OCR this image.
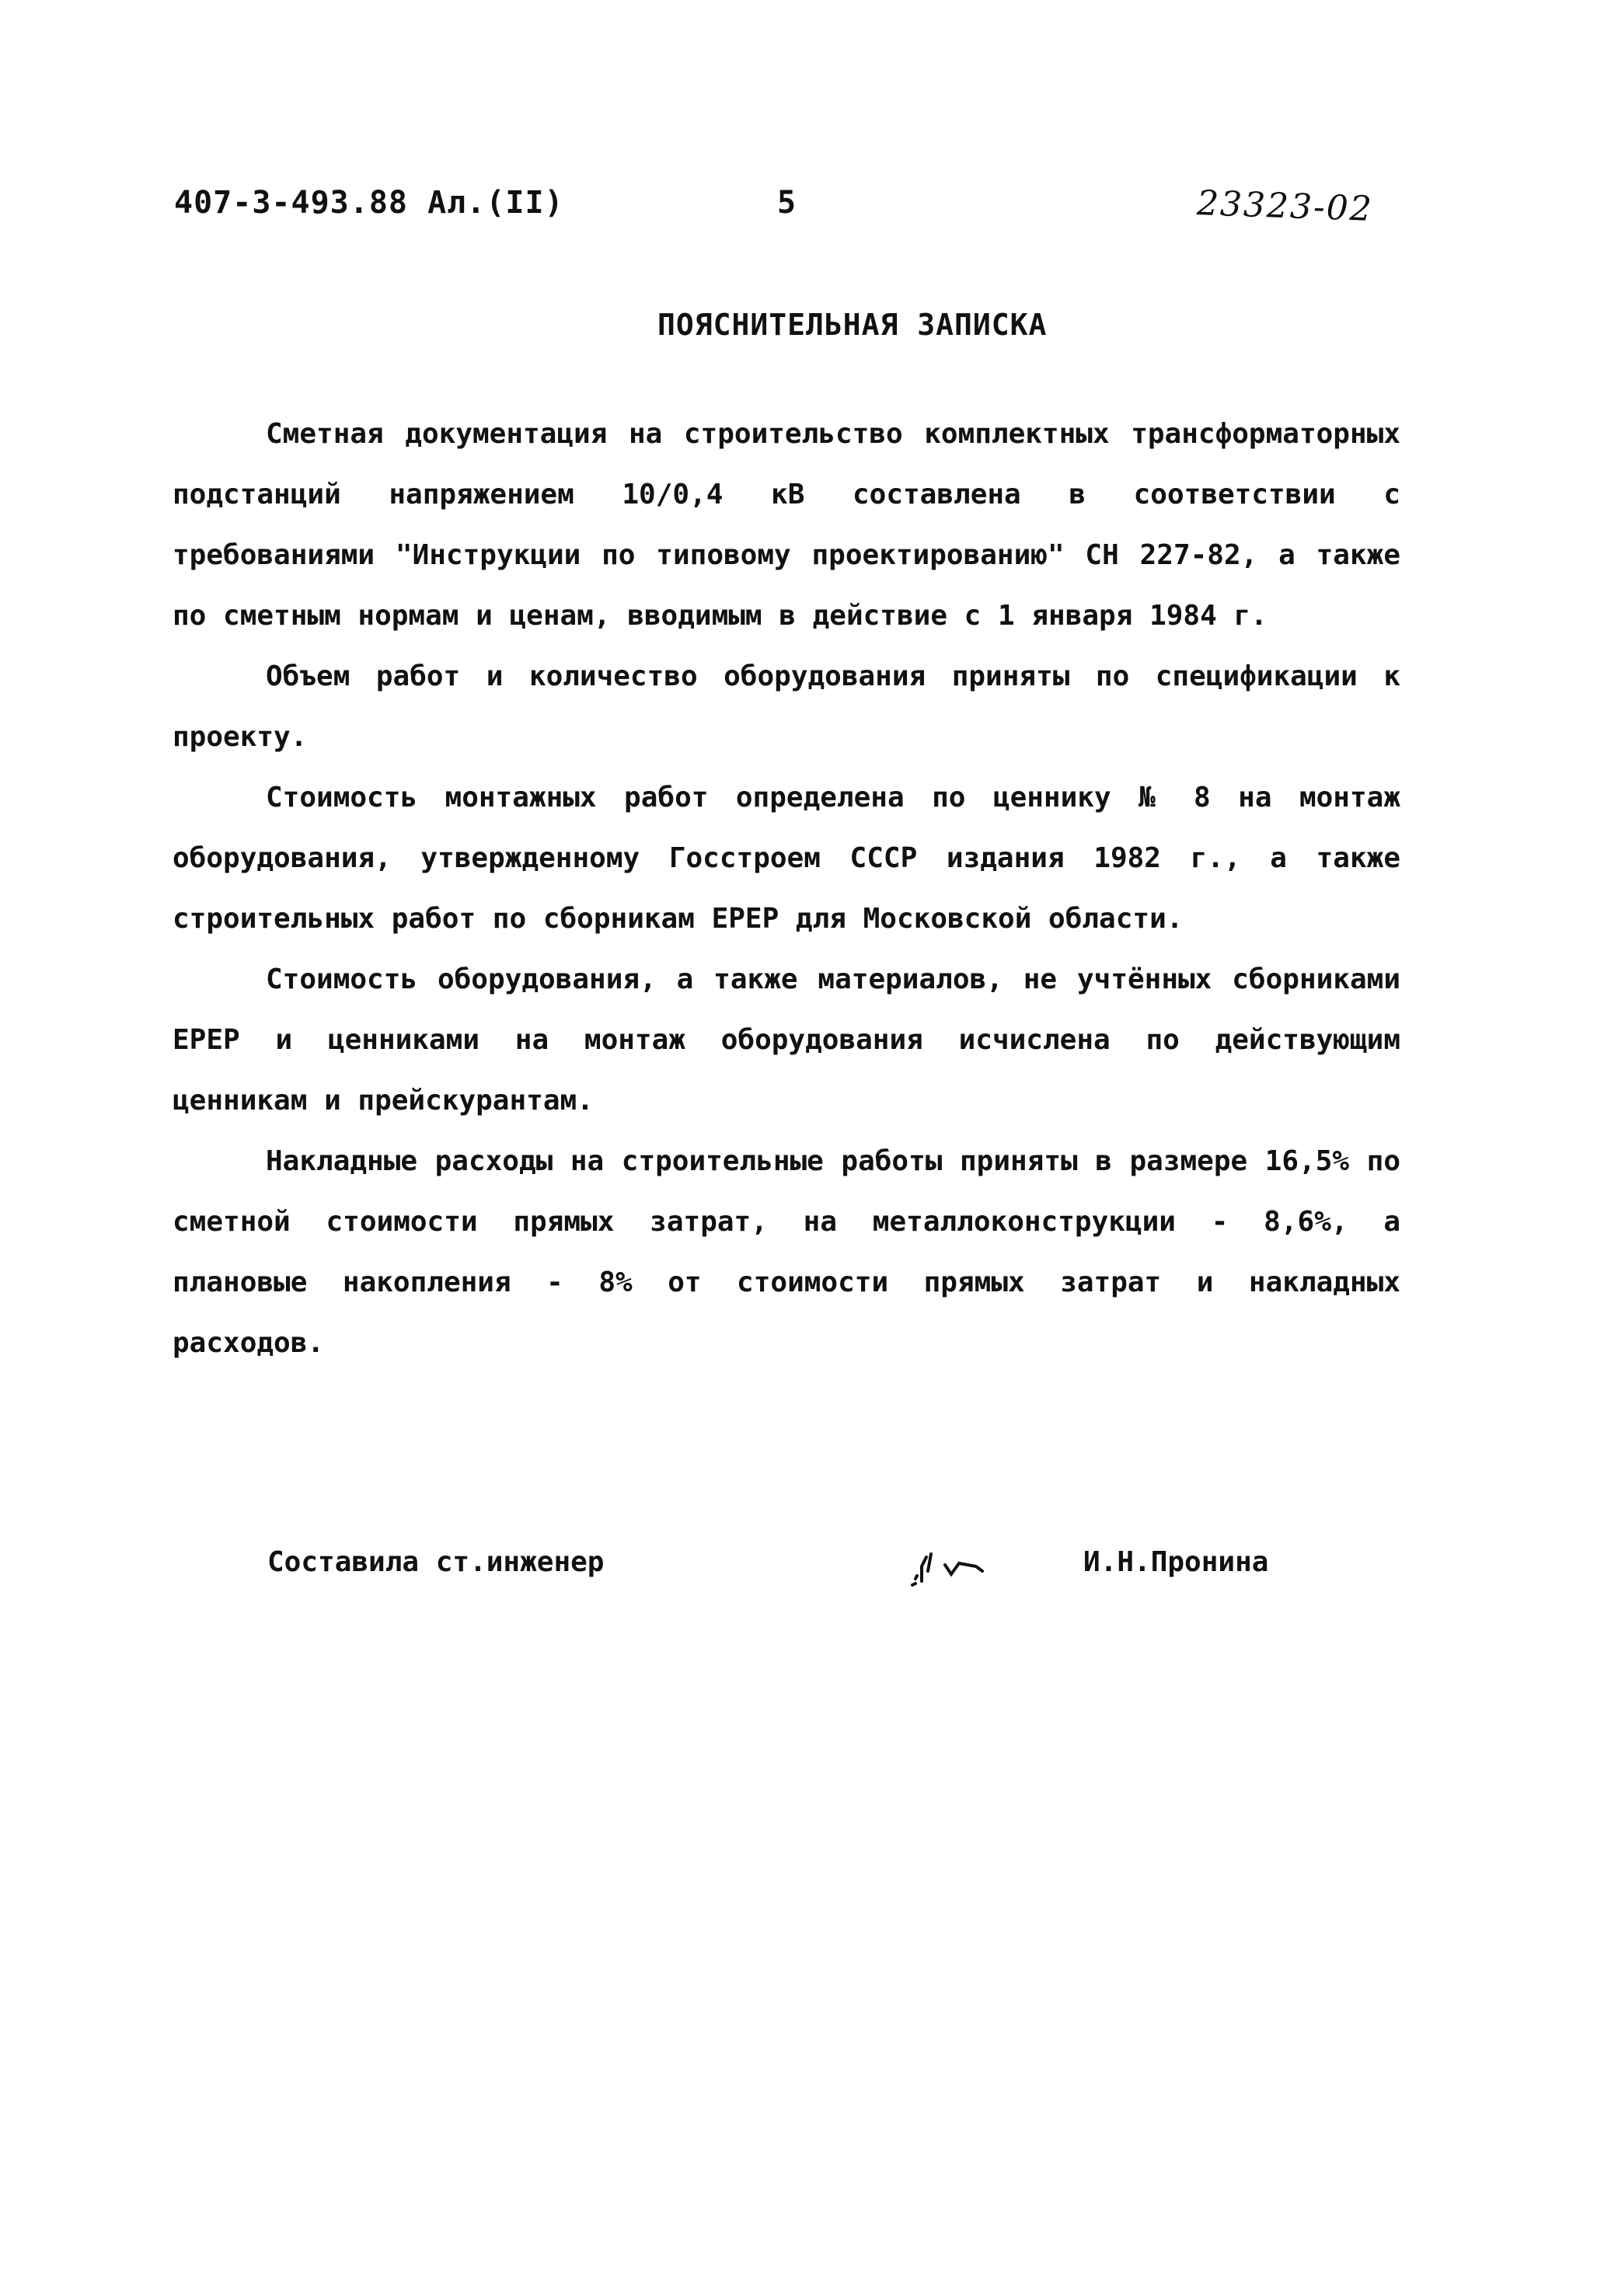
407-3-493.88 Ал.(II)	5	23323-02
ПОЯСНИТЕЛЬНАЯ ЗАПИСКА

Сметная документация на строительство комплектных трансформаторных подстанций напряжением 10/0,4 кВ составлена в соответствии с требованиями "Инструкции по типовому проектированию" СН 227-82, а также по сметным нормам и ценам, вводимым в действие с 1 января 1984 г.

Объем работ и количество оборудования приняты по спецификации к проекту.

Стоимость монтажных работ определена по ценнику № 8 на монтаж оборудования, утвержденному Госстроем СССР издания 1982 г., а также строительных работ по сборникам ЕРЕР для Московской области.

Стоимость оборудования, а также материалов, не учтённых сборниками ЕРЕР и ценниками на монтаж оборудования исчислена по действующим ценникам и прейскурантам.

Накладные расходы на строительные работы приняты в размере 16,5% по сметной стоимости прямых затрат, на металлоконструкции - 8,6%, а плановые накопления - 8% от стоимости прямых затрат и накладных расходов.

Составила ст.инженер	И.Н.Пронина
